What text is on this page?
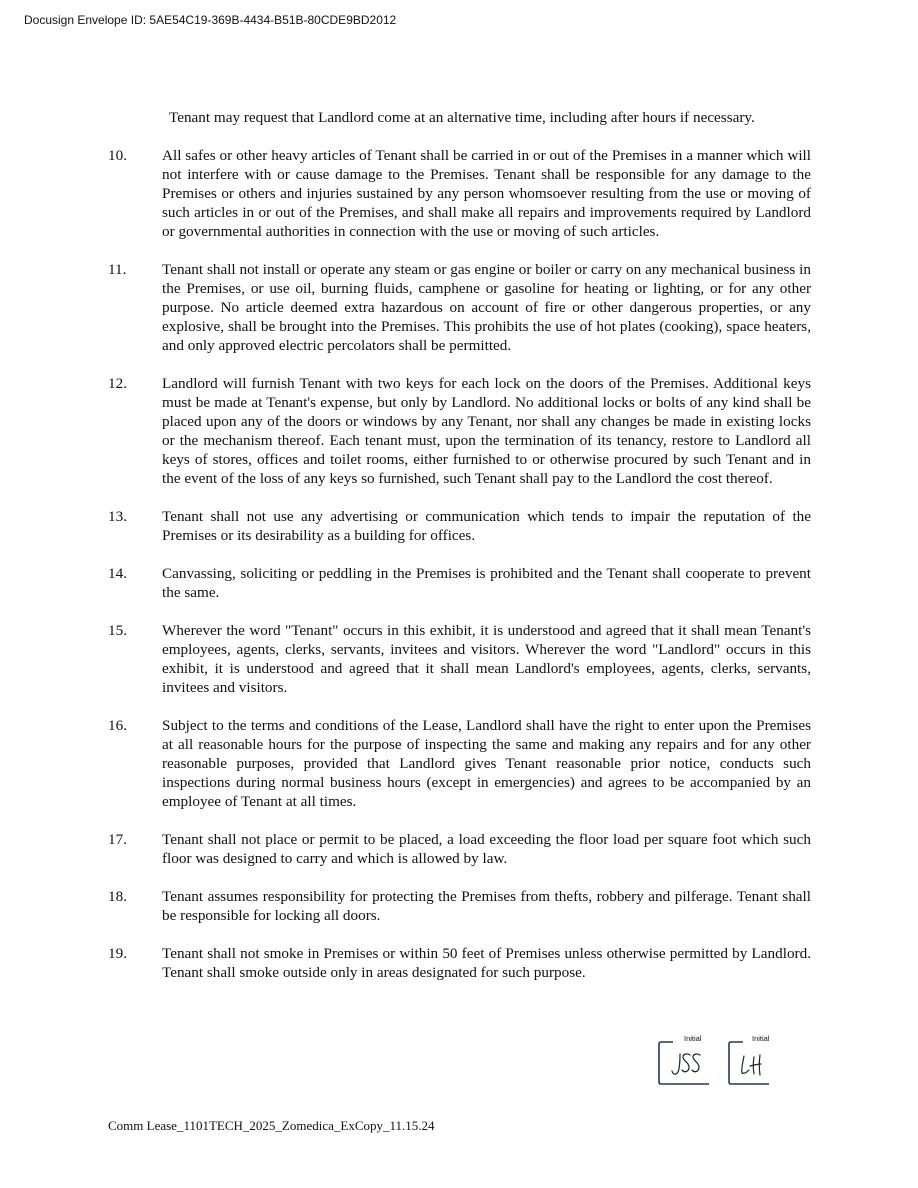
Docusign Envelope ID: 5AE54C19-369B-4434-B51B-80CDE9BD2012
Tenant may request that Landlord come at an alternative time, including after hours if necessary.
10.	All safes or other heavy articles of Tenant shall be carried in or out of the Premises in a manner which will not interfere with or cause damage to the Premises. Tenant shall be responsible for any damage to the Premises or others and injuries sustained by any person whomsoever resulting from the use or moving of such articles in or out of the Premises, and shall make all repairs and improvements required by Landlord or governmental authorities in connection with the use or moving of such articles.
11.	Tenant shall not install or operate any steam or gas engine or boiler or carry on any mechanical business in the Premises, or use oil, burning fluids, camphene or gasoline for heating or lighting, or for any other purpose. No article deemed extra hazardous on account of fire or other dangerous properties, or any explosive, shall be brought into the Premises. This prohibits the use of hot plates (cooking), space heaters, and only approved electric percolators shall be permitted.
12.	Landlord will furnish Tenant with two keys for each lock on the doors of the Premises. Additional keys must be made at Tenant's expense, but only by Landlord. No additional locks or bolts of any kind shall be placed upon any of the doors or windows by any Tenant, nor shall any changes be made in existing locks or the mechanism thereof. Each tenant must, upon the termination of its tenancy, restore to Landlord all keys of stores, offices and toilet rooms, either furnished to or otherwise procured by such Tenant and in the event of the loss of any keys so furnished, such Tenant shall pay to the Landlord the cost thereof.
13.	Tenant shall not use any advertising or communication which tends to impair the reputation of the Premises or its desirability as a building for offices.
14.	Canvassing, soliciting or peddling in the Premises is prohibited and the Tenant shall cooperate to prevent the same.
15.	Wherever the word "Tenant" occurs in this exhibit, it is understood and agreed that it shall mean Tenant's employees, agents, clerks, servants, invitees and visitors. Wherever the word "Landlord" occurs in this exhibit, it is understood and agreed that it shall mean Landlord's employees, agents, clerks, servants, invitees and visitors.
16.	Subject to the terms and conditions of the Lease, Landlord shall have the right to enter upon the Premises at all reasonable hours for the purpose of inspecting the same and making any repairs and for any other reasonable purposes, provided that Landlord gives Tenant reasonable prior notice, conducts such inspections during normal business hours (except in emergencies) and agrees to be accompanied by an employee of Tenant at all times.
17.	Tenant shall not place or permit to be placed, a load exceeding the floor load per square foot which such floor was designed to carry and which is allowed by law.
18.	Tenant assumes responsibility for protecting the Premises from thefts, robbery and pilferage. Tenant shall be responsible for locking all doors.
19.	Tenant shall not smoke in Premises or within 50 feet of Premises unless otherwise permitted by Landlord. Tenant shall smoke outside only in areas designated for such purpose.
Initial	Initial
Comm Lease_1101TECH_2025_Zomedica_ExCopy_11.15.24
